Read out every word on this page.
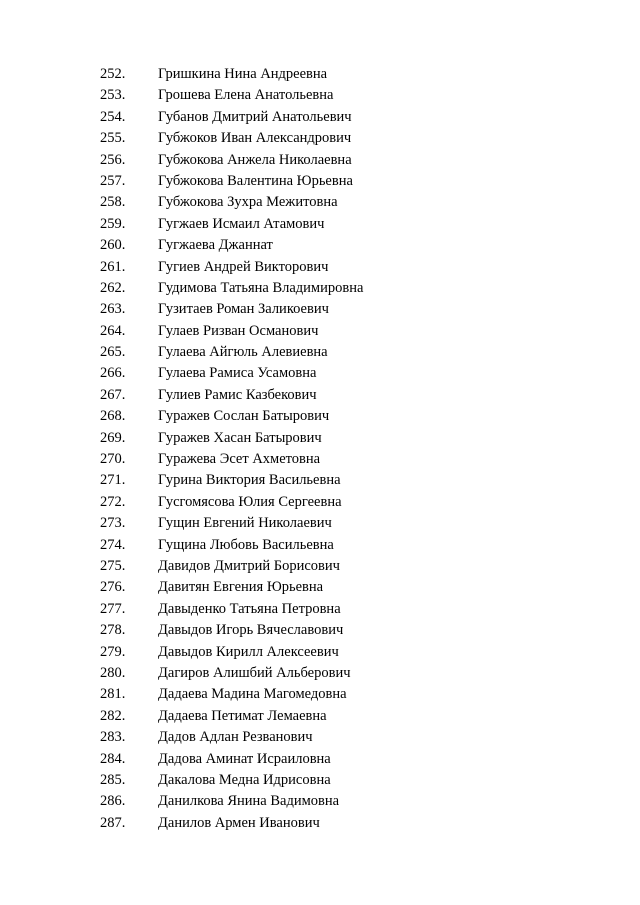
252. Гришкина Нина Андреевна
253. Грошева Елена Анатольевна
254. Губанов Дмитрий Анатольевич
255. Губжоков Иван Александрович
256. Губжокова Анжела Николаевна
257. Губжокова Валентина Юрьевна
258. Губжокова Зухра Межитовна
259. Гугжаев Исмаил Атамович
260. Гугжаева Джаннат
261. Гугиев Андрей Викторович
262. Гудимова Татьяна Владимировна
263. Гузитаев Роман Заликоевич
264. Гулаев Ризван Османович
265. Гулаева Айгюль Алевиевна
266. Гулаева Рамиса Усамовна
267. Гулиев Рамис Казбекович
268. Гуражев Сослан Батырович
269. Гуражев Хасан Батырович
270. Гуражева Эсет Ахметовна
271. Гурина Виктория Васильевна
272. Гусгомясова Юлия Сергеевна
273. Гущин Евгений Николаевич
274. Гущина Любовь Васильевна
275. Давидов Дмитрий Борисович
276. Давитян Евгения Юрьевна
277. Давыденко Татьяна Петровна
278. Давыдов Игорь Вячеславович
279. Давыдов Кирилл Алексеевич
280. Дагиров Алишбий Альберович
281. Дадаева Мадина Магомедовна
282. Дадаева Петимат Лемаевна
283. Дадов Адлан Резванович
284. Дадова Аминат Исраиловна
285. Дакалова Медна Идрисовна
286. Данилкова Янина Вадимовна
287. Данилов Армен Иванович
